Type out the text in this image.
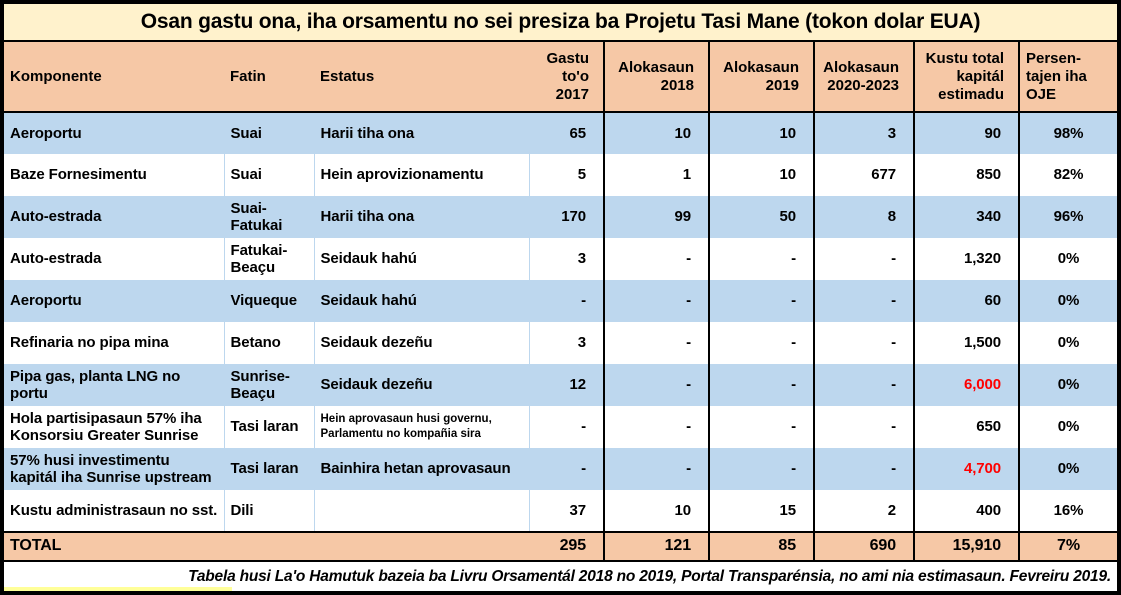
Osan gastu ona, iha orsamentu no sei presiza ba Projetu Tasi Mane (tokon dolar EUA)
Komponente	Fatin	Estatus	Gastu to'o 2017	Alokasaun 2018	Alokasaun 2019	Alokasaun 2020-2023	Kustu total kapitál estimadu	Persen-tajen iha OJE
Aeroportu	Suai	Harii tiha ona	65	10	10	3	90	98%
Baze Fornesimentu	Suai	Hein aprovizionamentu	5	1	10	677	850	82%
Auto-estrada	Suai-Fatukai	Harii tiha ona	170	99	50	8	340	96%
Auto-estrada	Fatukai-Beaçu	Seidauk hahú	3	-	-	-	1,320	0%
Aeroportu	Viqueque	Seidauk hahú	-	-	-	-	60	0%
Refinaria no pipa mina	Betano	Seidauk dezeñu	3	-	-	-	1,500	0%
Pipa gas, planta LNG no portu	Sunrise-Beaçu	Seidauk dezeñu	12	-	-	-	6,000	0%
Hola partisipasaun 57% iha Konsorsiu Greater Sunrise	Tasi laran	Hein aprovasaun husi governu, Parlamentu no kompañia sira	-	-	-	-	650	0%
57% husi investimentu kapitál iha Sunrise upstream	Tasi laran	Bainhira hetan aprovasaun	-	-	-	-	4,700	0%
Kustu administrasaun no sst.	Dili		37	10	15	2	400	16%
TOTAL			295	121	85	690	15,910	7%
Tabela husi La'o Hamutuk bazeia ba Livru Orsamentál 2018 no 2019, Portal Transparénsia, no ami nia estimasaun. Fevreiru 2019.
